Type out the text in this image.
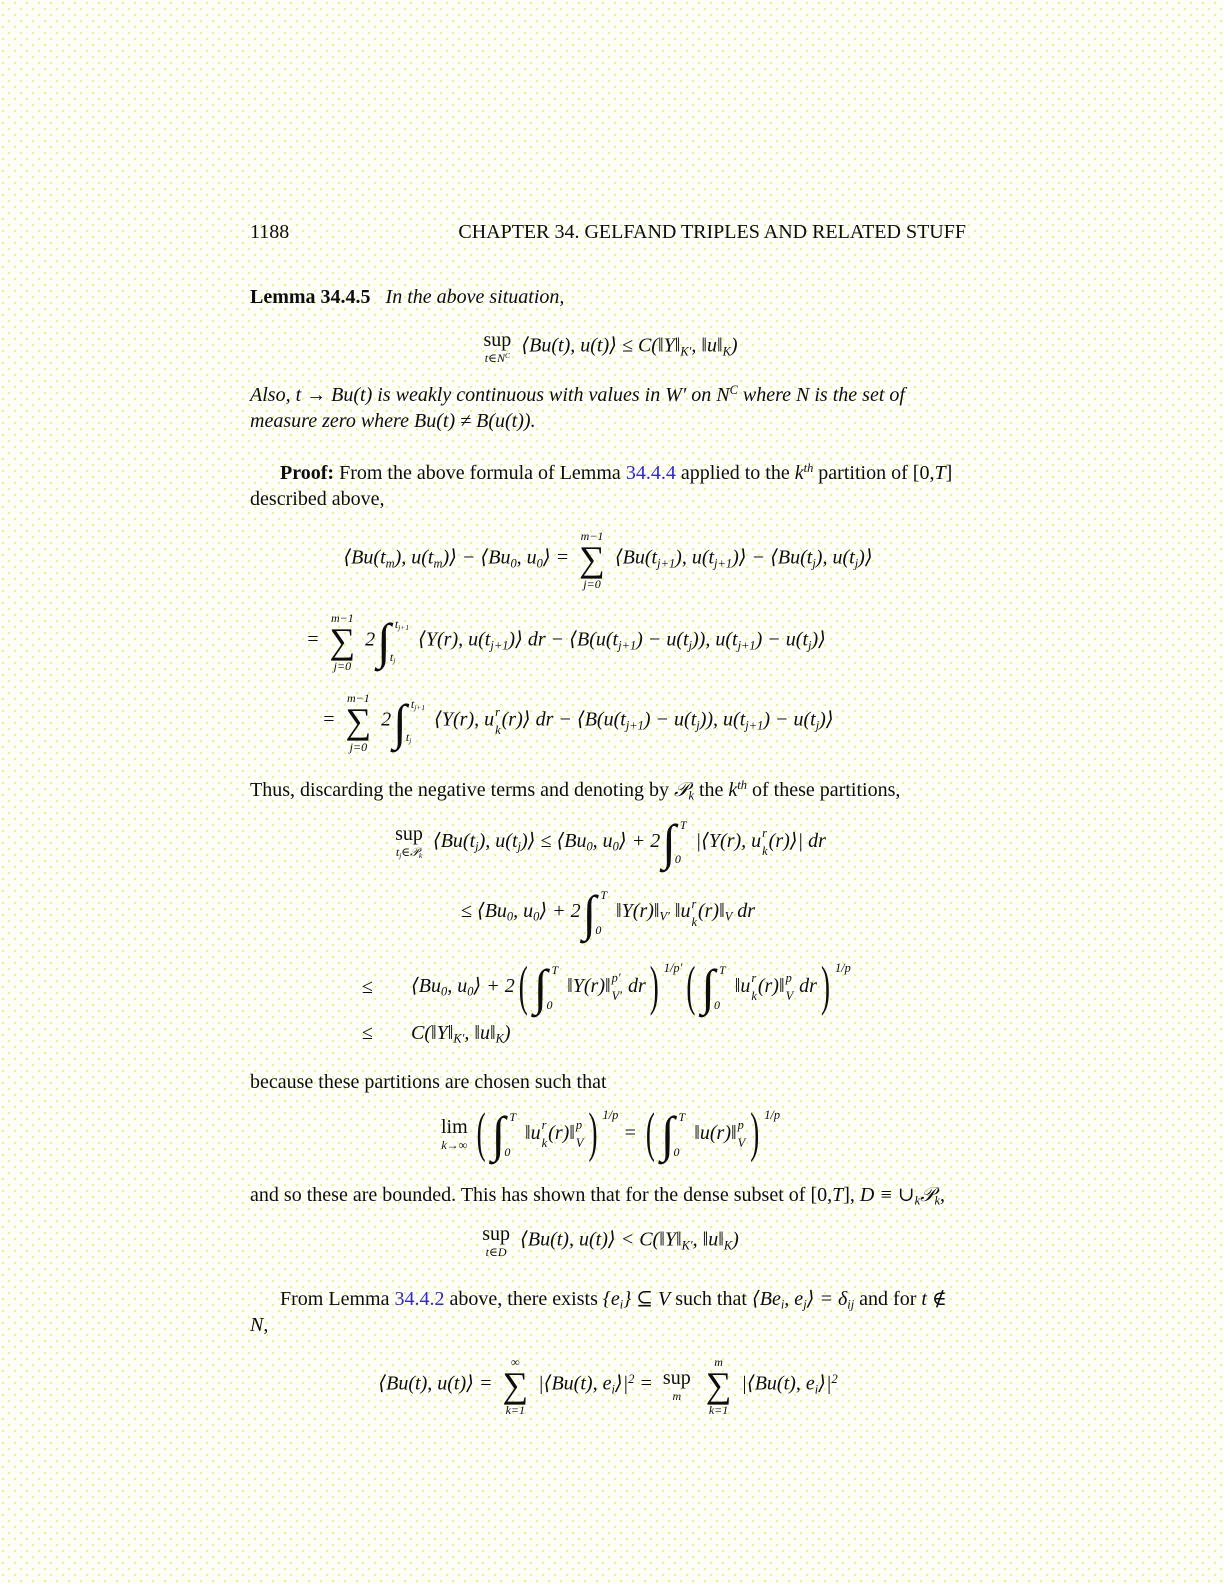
1188	CHAPTER 34. GELFAND TRIPLES AND RELATED STUFF

Lemma 34.4.5 In the above situation,

sup
$t\in N^C$ ⟨Bu(t), u(t)⟩ ≤ $C(‖Y‖_{K'}$, $‖u‖_K$)

Also, t → Bu(t) is weakly continuous with values in W′ on $N^C$ where N is the set of measure zero where Bu(t) ≠ B(u(t)).

Proof: From the above formula of Lemma 34.4.4 applied to the $k^{th}$ partition of [0,T] described above,

$⟨Bu(t_m)$, $u(t_m)⟩$ − $⟨Bu_0$, $u_0⟩$ =
m−1
∑
j=0
$⟨Bu(t_{j+1})$, $u(t_{j+1})⟩$ − $⟨Bu(t_j)$, $u(t_j)⟩$
=
m−1
∑
j=0
2 ∫ $t_{j+1}$
$t_j$
⟨Y(r), $u(t_{j+1})⟩$ dr − $⟨B(u(t_{j+1}) - u(t_j))$, $u(t_{j+1})$ − $u(t_j)⟩$
=
m−1
∑
j=0
2 ∫ $t_{j+1}$
$t_j$
⟨Y(r), u r
k (r)⟩ dr − $⟨B(u(t_{j+1}) - u(t_j))$, $u(t_{j+1})$ − $u(t_j)⟩$

Thus, discarding the negative terms and denoting by $�_k$ the $k^{th}$ of these partitions,

sup
$t_j\in�_k$
$⟨Bu(t_j)$, $u(t_j)⟩$ ≤ $⟨Bu_0$, $u_0⟩ + 2$ ∫ T
0
|⟨Y(r), u r
k (r)⟩| dr
≤ $⟨Bu_0$, $u_0⟩ + 2$ ∫ T
0
$‖Y(r)‖_{V'}$ ‖u r
k $(r)‖_V$ dr
≤ $⟨Bu_0$, $u_0⟩ + 2$ ( ∫ T
0
‖Y(r)‖ p′
V′ dr ) $^{1/p'}$ ( ∫ T
0
‖u r
k (r)‖ p
V dr ) $^{1/p}$
≤ $C(‖Y‖_{K'}$, $‖u‖_K$)

because these partitions are chosen such that

lim
k→∞ ( ∫ T
0
‖u r
k (r)‖ p
V ) $^{1/p}$ = ( ∫ T
0
‖u(r)‖ p
V ) $^{1/p}$

and so these are bounded. This has shown that for the dense subset of [0,T], $D \equiv \cup_k�_k$,

sup
t∈D
⟨Bu(t), u(t)⟩ < $C(‖Y‖_{K'}$, $‖u‖_K$)

From Lemma 34.4.2 above, there exists $\{e_i\}$ ⊆ V such that $⟨Be_i$, $e_j⟩ = \delta_{ij}$ and for t ∉ N,

⟨Bu(t), u(t)⟩ =
∞
∑
k=1
|⟨Bu(t), $e_i⟩|^2$ = sup
m

m
∑
k=1
|⟨Bu(t), $e_i⟩|^2$
